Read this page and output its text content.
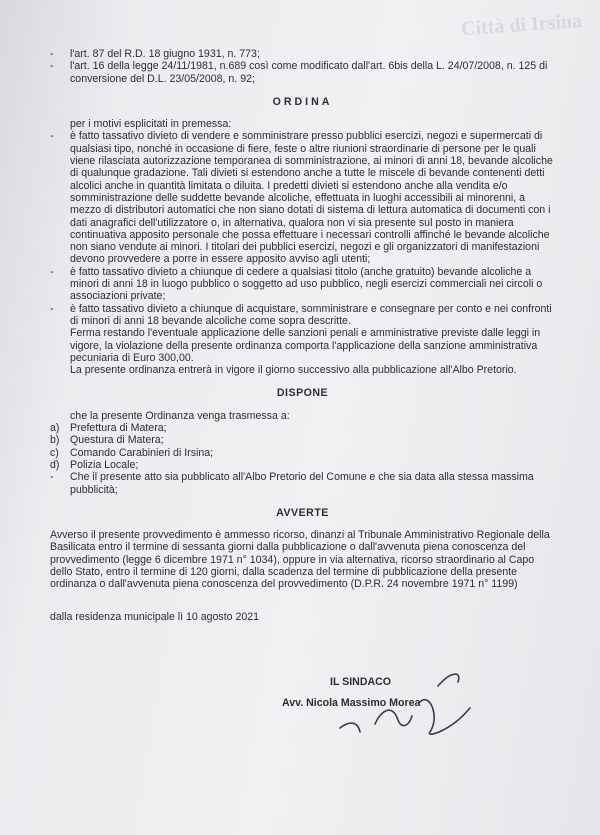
Città di Irsina
-	l'art. 87 del R.D. 18 giugno 1931, n. 773;
-	l'art. 16 della legge 24/11/1981, n.689 così come modificato dall'art. 6bis della L. 24/07/2008, n. 125 di conversione del D.L. 23/05/2008, n. 92;
ORDINA
per i motivi esplicitati in premessa:
-	è fatto tassativo divieto di vendere e somministrare presso pubblici esercizi, negozi e supermercati di qualsiasi tipo, nonché in occasione di fiere, feste o altre riunioni straordinarie di persone per le quali viene rilasciata autorizzazione temporanea di somministrazione, ai minori di anni 18, bevande alcoliche di qualunque gradazione. Tali divieti si estendono anche a tutte le miscele di bevande contenenti detti alcolici anche in quantità limitata o diluita. I predetti divieti si estendono anche alla vendita e/o somministrazione delle suddette bevande alcoliche, effettuata in luoghi accessibili ai minorenni, a mezzo di distributori automatici che non siano dotati di sistema di lettura automatica di documenti con i dati anagrafici dell'utilizzatore o, in alternativa, qualora non vi sia presente sul posto in maniera continuativa apposito personale che possa effettuare i necessari controlli affinché le bevande alcoliche non siano vendute ai minori. I titolari dei pubblici esercizi, negozi e gli organizzatori di manifestazioni devono provvedere a porre in essere apposito avviso agli utenti;
-	è fatto tassativo divieto a chiunque di cedere a qualsiasi titolo (anche gratuito) bevande alcoliche a minori di anni 18 in luogo pubblico o soggetto ad uso pubblico, negli esercizi commerciali nei circoli o associazioni private;
-	è fatto tassativo divieto a chiunque di acquistare, somministrare e consegnare per conto e nei confronti di minori di anni 18 bevande alcoliche come sopra descritte.
Ferma restando l'eventuale applicazione delle sanzioni penali e amministrative previste dalle leggi in vigore, la violazione della presente ordinanza comporta l'applicazione della sanzione amministrativa pecuniaria di Euro 300,00.
La presente ordinanza entrerà in vigore il giorno successivo alla pubblicazione all'Albo Pretorio.
DISPONE
che la presente Ordinanza venga trasmessa a:
a) Prefettura di Matera;
b) Questura di Matera;
c)	Comando Carabinieri di Irsina;
d) Polizia Locale;
-	Che il presente atto sia pubblicato all'Albo Pretorio del Comune e che sia data alla stessa massima pubblicità;
AVVERTE
Avverso il presente provvedimento è ammesso ricorso, dinanzi al Tribunale Amministrativo Regionale della Basilicata entro il termine di sessanta giorni dalla pubblicazione o dall'avvenuta piena conoscenza del provvedimento (legge 6 dicembre 1971 n° 1034), oppure in via alternativa, ricorso straordinario al Capo dello Stato, entro il termine di 120 giorni, dalla scadenza del termine di pubblicazione della presente ordinanza o dall'avvenuta piena conoscenza del provvedimento (D.P.R. 24 novembre 1971 n° 1199)
dalla residenza municipale lì 10 agosto 2021
IL SINDACO
Avv. Nicola Massimo Morea
